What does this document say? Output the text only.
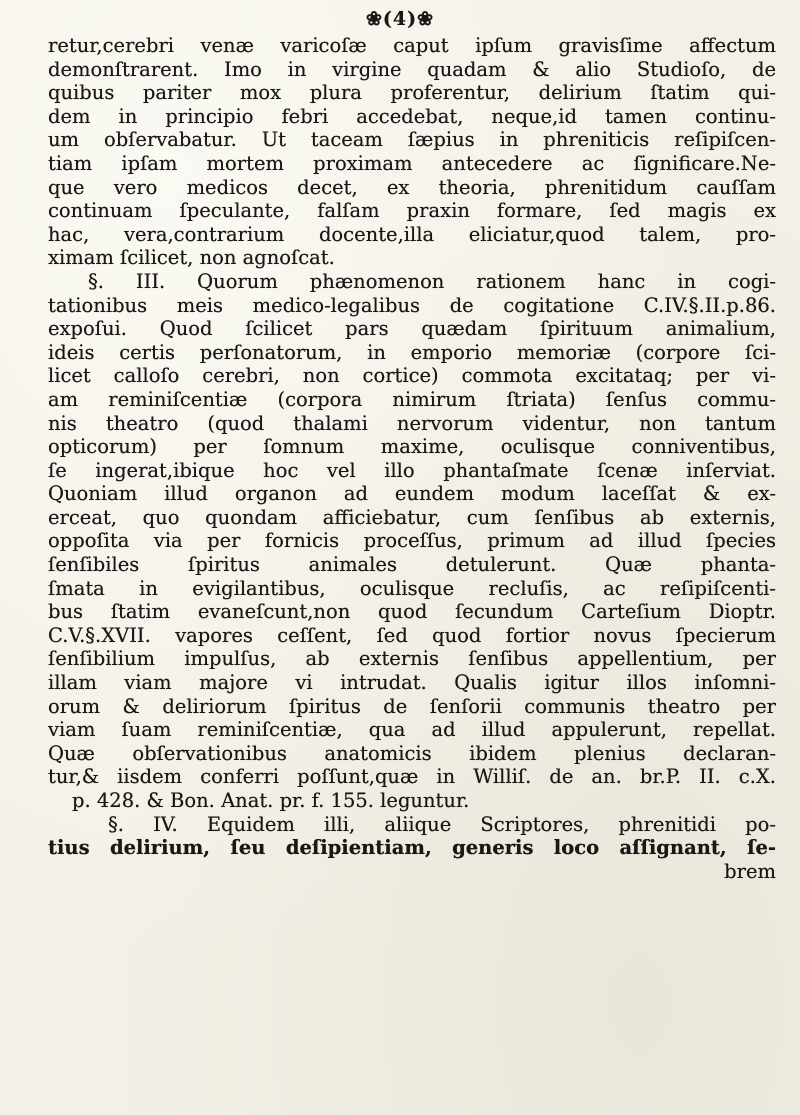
❀(4)❀
retur,cerebri venæ varicoſæ caput ipſum gravisſime affectum
demonſtrarent. Imo in virgine quadam & alio Studioſo, de
quibus pariter mox plura proferentur, delirium ſtatim qui-
dem in principio febri accedebat, neque,id tamen continu-
um obſervabatur. Ut taceam ſæpius in phreniticis reſipiſcen-
tiam ipſam mortem proximam antecedere ac ſignificare.Ne-
que vero medicos decet, ex theoria, phrenitidum cauſſam
continuam ſpeculante, falſam praxin formare, ſed magis ex
hac, vera,contrarium docente,illa eliciatur,quod talem, pro-
ximam ſcilicet, non agnoſcat.
§. III. Quorum phænomenon rationem hanc in cogi-
tationibus meis medico-legalibus de cogitatione C.IV.§.II.p.86.
expoſui. Quod ſcilicet pars quædam ſpirituum animalium,
ideis certis perſonatorum, in emporio memoriæ (corpore ſci-
licet calloſo cerebri, non cortice) commota excitataq; per vi-
am reminiſcentiæ (corpora nimirum ſtriata) ſenſus commu-
nis theatro (quod thalami nervorum videntur, non tantum
opticorum) per ſomnum maxime, oculisque conniventibus,
ſe ingerat,ibique hoc vel illo phantaſmate ſcenæ inſerviat.
Quoniam illud organon ad eundem modum laceſſat & ex-
erceat, quo quondam afficiebatur, cum ſenſibus ab externis,
oppoſita via per fornicis proceſſus, primum ad illud ſpecies
ſenſibiles ſpiritus animales detulerunt. Quæ phanta-
ſmata in evigilantibus, oculisque recluſis, ac reſipiſcenti-
bus ſtatim evaneſcunt,non quod ſecundum Carteſium Dioptr.
C.V.§.XVII. vapores ceſſent, ſed quod fortior novus ſpecierum
ſenſibilium impulſus, ab externis ſenſibus appellentium, per
illam viam majore vi intrudat. Qualis igitur illos inſomni-
orum & deliriorum ſpiritus de ſenſorii communis theatro per
viam ſuam reminiſcentiæ, qua ad illud appulerunt, repellat.
Quæ obſervationibus anatomicis ibidem plenius declaran-
tur,& iisdem conferri poſſunt,quæ in Williſ. de an. br.P. II. c.X.
p. 428. & Bon. Anat. pr. f. 155. leguntur.
§. IV. Equidem illi, aliique Scriptores, phrenitidi po-
tius delirium, ſeu deſipientiam, generis loco aſſignant, ſe-
brem
